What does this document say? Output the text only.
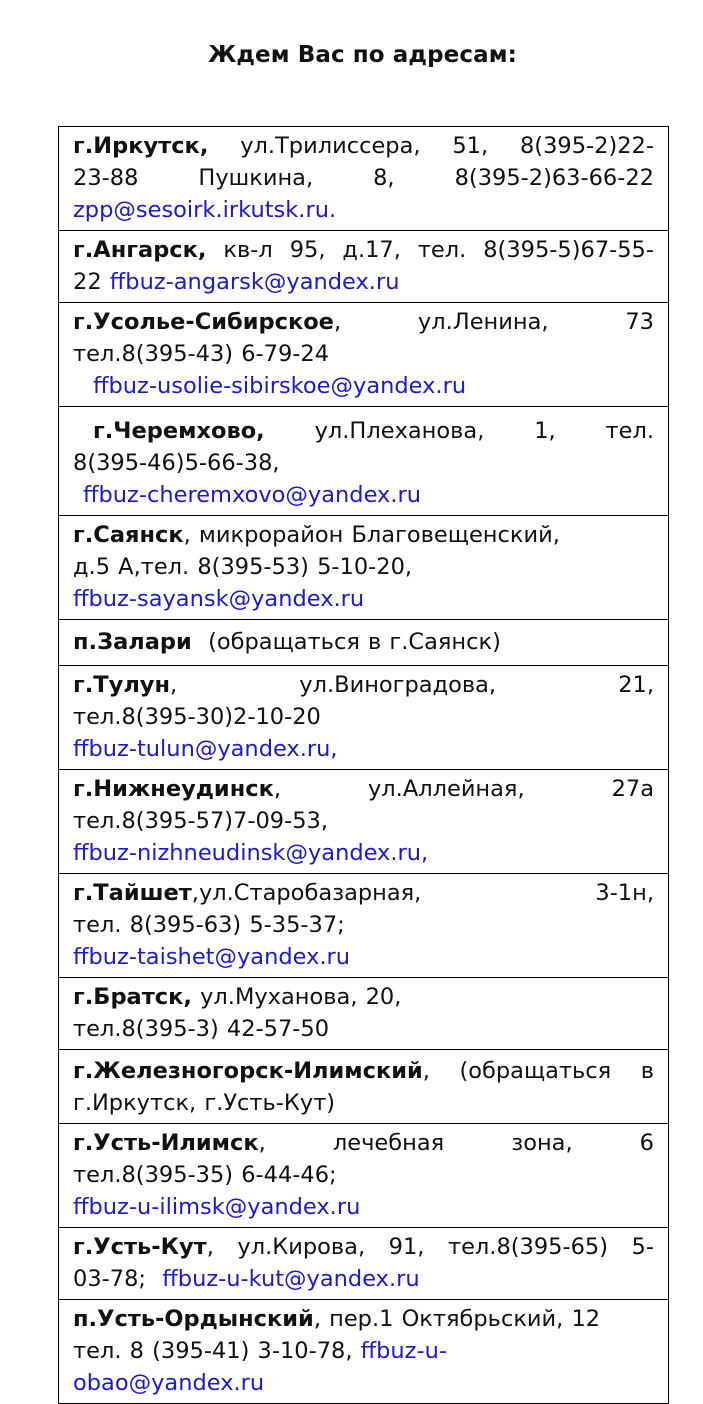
Ждем Вас по адресам:
г.Иркутск, ул.Трилиссера, 51, 8(395-2)22-
23-88 Пушкина, 8, 8(395-2)63-66-22
zpp@sesoirk.irkutsk.ru.

г.Ангарск, кв-л 95, д.17, тел. 8(395-5)67-55-
22 ffbuz-angarsk@yandex.ru

г.Усолье-Сибирское, ул.Ленина, 73
тел.8(395-43) 6-79-24
ffbuz-usolie-sibirskoe@yandex.ru

г.Черемхово, ул.Плеханова, 1, тел.
8(395-46)5-66-38,
ffbuz-cheremxovo@yandex.ru

г.Саянск, микрорайон Благовещенский,
д.5 А,тел. 8(395-53) 5-10-20,
ffbuz-sayansk@yandex.ru

п.Залари (обращаться в г.Саянск)

г.Тулун, ул.Виноградова, 21,
тел.8(395-30)2-10-20
ffbuz-tulun@yandex.ru,

г.Нижнеудинск, ул.Аллейная, 27а
тел.8(395-57)7-09-53,
ffbuz-nizhneudinsk@yandex.ru,

г.Тайшет,ул.Старобазарная, 3-1н,
тел. 8(395-63) 5-35-37;
ffbuz-taishet@yandex.ru

г.Братск, ул.Муханова, 20,
тел.8(395-3) 42-57-50

г.Железногорск-Илимский, (обращаться в
г.Иркутск, г.Усть-Кут)

г.Усть-Илимск, лечебная зона, 6
тел.8(395-35) 6-44-46;
ffbuz-u-ilimsk@yandex.ru

г.Усть-Кут, ул.Кирова, 91, тел.8(395-65) 5-
03-78; ffbuz-u-kut@yandex.ru

п.Усть-Ордынский, пер.1 Октябрьский, 12
тел. 8 (395-41) 3-10-78, ffbuz-u-
obao@yandex.ru
